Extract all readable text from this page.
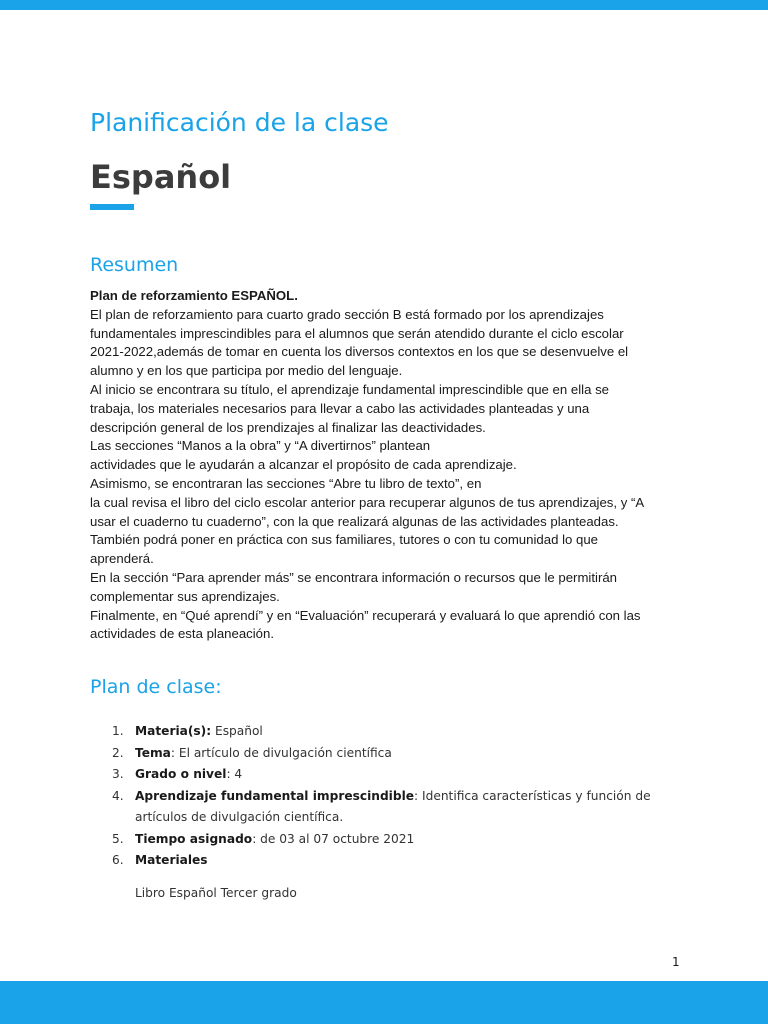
Planificación de la clase
Español
Resumen

Plan de reforzamiento ESPAÑOL.

El plan de reforzamiento para cuarto grado sección B está formado por los aprendizajes

fundamentales imprescindibles para el alumnos que serán atendido durante el ciclo escolar

2021-2022,además de tomar en cuenta los diversos contextos en los que se desenvuelve el

alumno y en los que participa por medio del lenguaje.

Al inicio se encontrara su título, el aprendizaje fundamental imprescindible que en ella se

trabaja, los materiales necesarios para llevar a cabo las actividades planteadas y una

descripción general de los prendizajes al finalizar las deactividades.

Las secciones “Manos a la obra” y “A divertirnos” plantean

actividades que le ayudarán a alcanzar el propósito de cada aprendizaje.

Asimismo, se encontraran las secciones “Abre tu libro de texto”, en

la cual revisa el libro del ciclo escolar anterior para recuperar algunos de tus aprendizajes, y “A

usar el cuaderno tu cuaderno”, con la que realizará algunas de las actividades planteadas.

También podrá poner en práctica con sus familiares, tutores o con tu comunidad lo que

aprenderá.

En la sección “Para aprender más” se encontrara información o recursos que le permitirán

complementar sus aprendizajes.

Finalmente, en “Qué aprendí” y en “Evaluación” recuperará y evaluará lo que aprendió con las

actividades de esta planeación.

Plan de clase:
1. Materia(s): Español
2. Tema: El artículo de divulgación científica
3. Grado o nivel: 4
4. Aprendizaje fundamental imprescindible: Identifica características y función de artículos de divulgación científica.
5. Tiempo asignado: de 03 al 07 octubre 2021
6. Materiales
Libro Español Tercer grado
1
